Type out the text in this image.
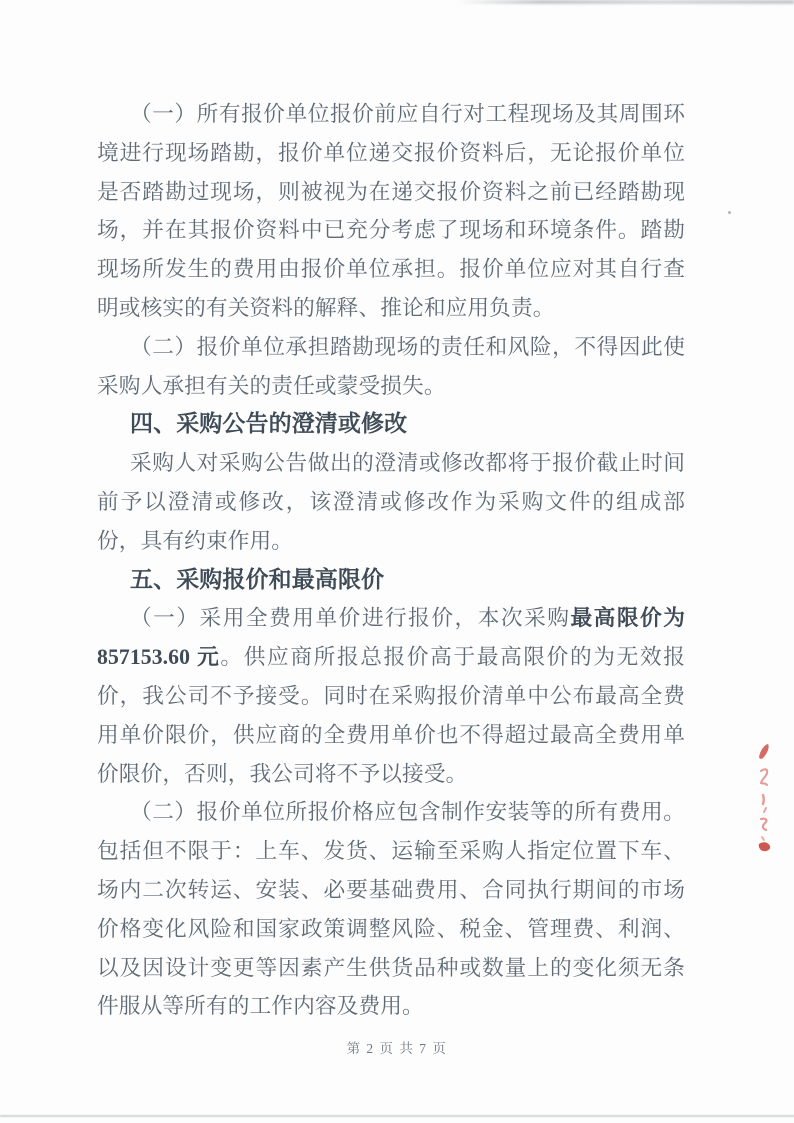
（一）所有报价单位报价前应自行对工程现场及其周围环境进行现场踏勘，报价单位递交报价资料后，无论报价单位是否踏勘过现场，则被视为在递交报价资料之前已经踏勘现场，并在其报价资料中已充分考虑了现场和环境条件。踏勘现场所发生的费用由报价单位承担。报价单位应对其自行查明或核实的有关资料的解释、推论和应用负责。

（二）报价单位承担踏勘现场的责任和风险，不得因此使采购人承担有关的责任或蒙受损失。

四、采购公告的澄清或修改

采购人对采购公告做出的澄清或修改都将于报价截止时间前予以澄清或修改，该澄清或修改作为采购文件的组成部份，具有约束作用。

五、采购报价和最高限价

（一）采用全费用单价进行报价，本次采购最高限价为 857153.60 元。供应商所报总报价高于最高限价的为无效报价，我公司不予接受。同时在采购报价清单中公布最高全费用单价限价，供应商的全费用单价也不得超过最高全费用单价限价，否则，我公司将不予以接受。

（二）报价单位所报价格应包含制作安装等的所有费用。包括但不限于：上车、发货、运输至采购人指定位置下车、场内二次转运、安装、必要基础费用、合同执行期间的市场价格变化风险和国家政策调整风险、税金、管理费、利润、以及因设计变更等因素产生供货品种或数量上的变化须无条件服从等所有的工作内容及费用。

第 2 页 共 7 页
